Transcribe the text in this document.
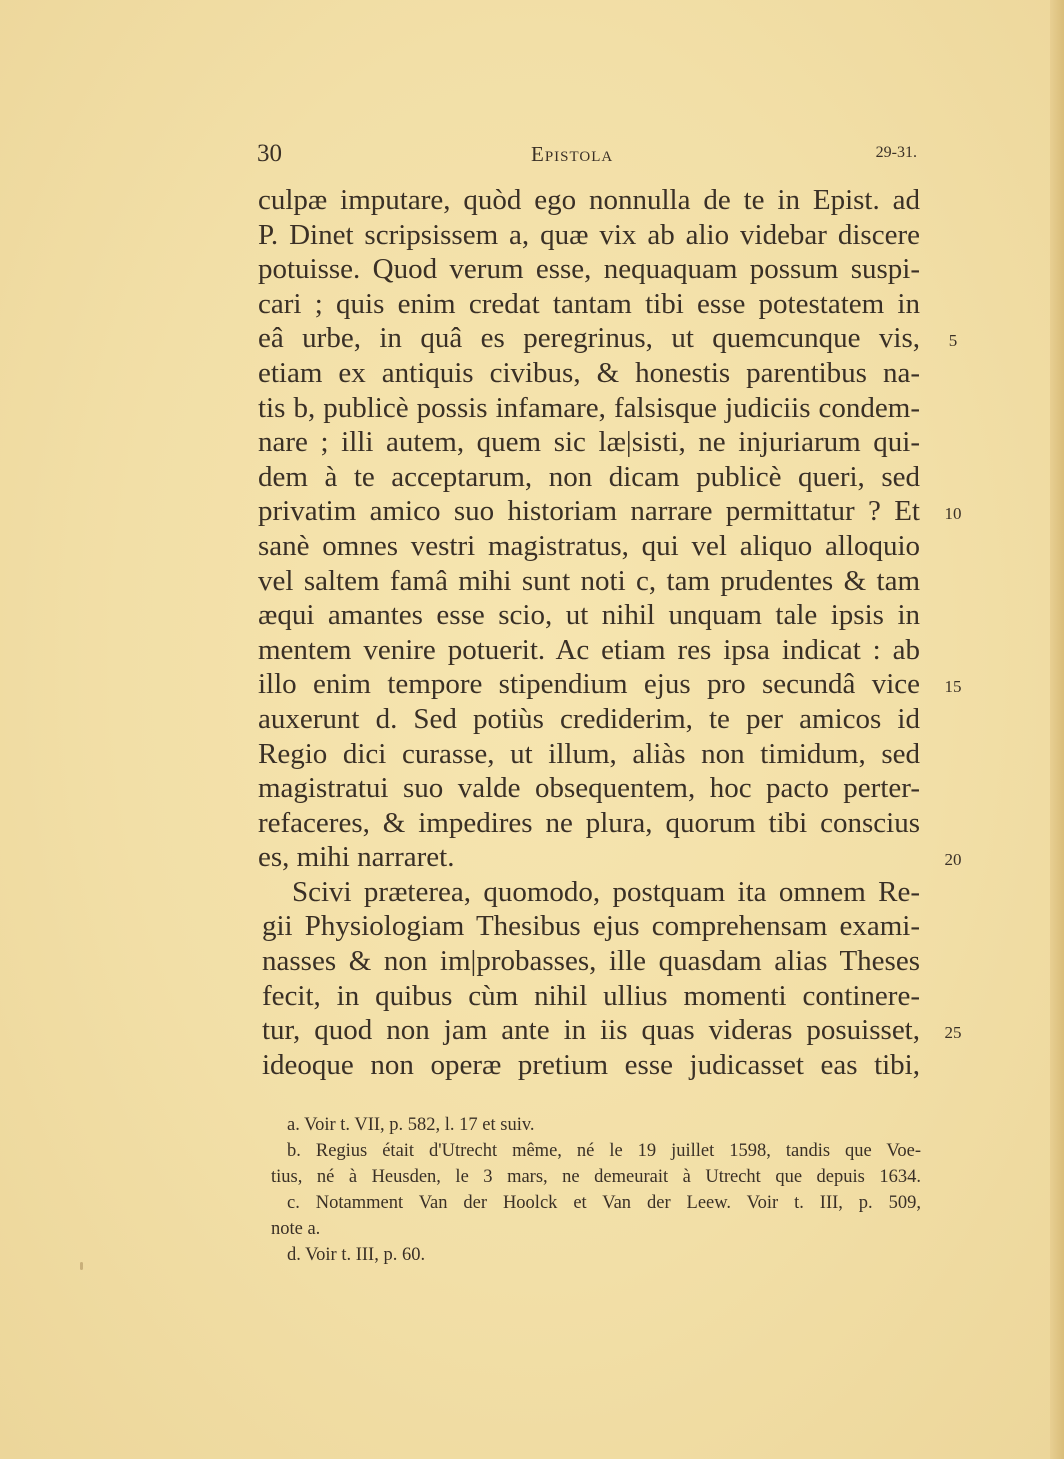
30	Epistola	29-31.
culpæ imputare, quòd ego nonnulla de te in Epist. ad
P. Dinet scripsissem a, quæ vix ab alio videbar discere
potuisse. Quod verum esse, nequaquam possum suspi-
cari ; quis enim credat tantam tibi esse potestatem in
eâ urbe, in quâ es peregrinus, ut quemcunque vis,
etiam ex antiquis civibus, & honestis parentibus na-
tis b, publicè possis infamare, falsisque judiciis condem-
nare ; illi autem, quem sic læ|sisti, ne injuriarum qui-
dem à te acceptarum, non dicam publicè queri, sed
privatim amico suo historiam narrare permittatur ? Et
sanè omnes vestri magistratus, qui vel aliquo alloquio
vel saltem famâ mihi sunt noti c, tam prudentes & tam
æqui amantes esse scio, ut nihil unquam tale ipsis in
mentem venire potuerit. Ac etiam res ipsa indicat : ab
illo enim tempore stipendium ejus pro secundâ vice
auxerunt d. Sed potiùs crediderim, te per amicos id
Regio dici curasse, ut illum, aliàs non timidum, sed
magistratui suo valde obsequentem, hoc pacto perter-
refaceres, & impedires ne plura, quorum tibi conscius
es, mihi narraret.
Scivi præterea, quomodo, postquam ita omnem Re-
gii Physiologiam Thesibus ejus comprehensam exami-
nasses & non im|probasses, ille quasdam alias Theses
fecit, in quibus cùm nihil ullius momenti continere-
tur, quod non jam ante in iis quas videras posuisset,
ideoque non operæ pretium esse judicasset eas tibi,
5
10
15
20
25
a. Voir t. VII, p. 582, l. 17 et suiv.
b. Regius était d'Utrecht même, né le 19 juillet 1598, tandis que Voe-
tius, né à Heusden, le 3 mars, ne demeurait à Utrecht que depuis 1634.
c. Notamment Van der Hoolck et Van der Leew. Voir t. III, p. 509,
note a.
d. Voir t. III, p. 60.
